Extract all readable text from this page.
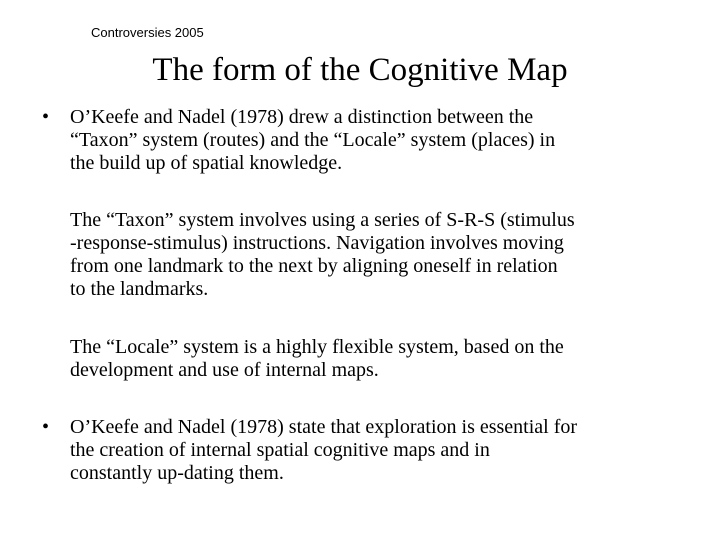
Controversies 2005
The form of the Cognitive Map
• O’Keefe and Nadel (1978) drew a distinction between the
“Taxon” system (routes) and the “Locale” system (places) in
the build up of spatial knowledge.
The “Taxon” system involves using a series of S-R-S (stimulus
-response-stimulus) instructions. Navigation involves moving
from one landmark to the next by aligning oneself in relation
to the landmarks.
The “Locale” system is a highly flexible system, based on the
development and use of internal maps.
• O’Keefe and Nadel (1978) state that exploration is essential for
the creation of internal spatial cognitive maps and in
constantly up-dating them.
